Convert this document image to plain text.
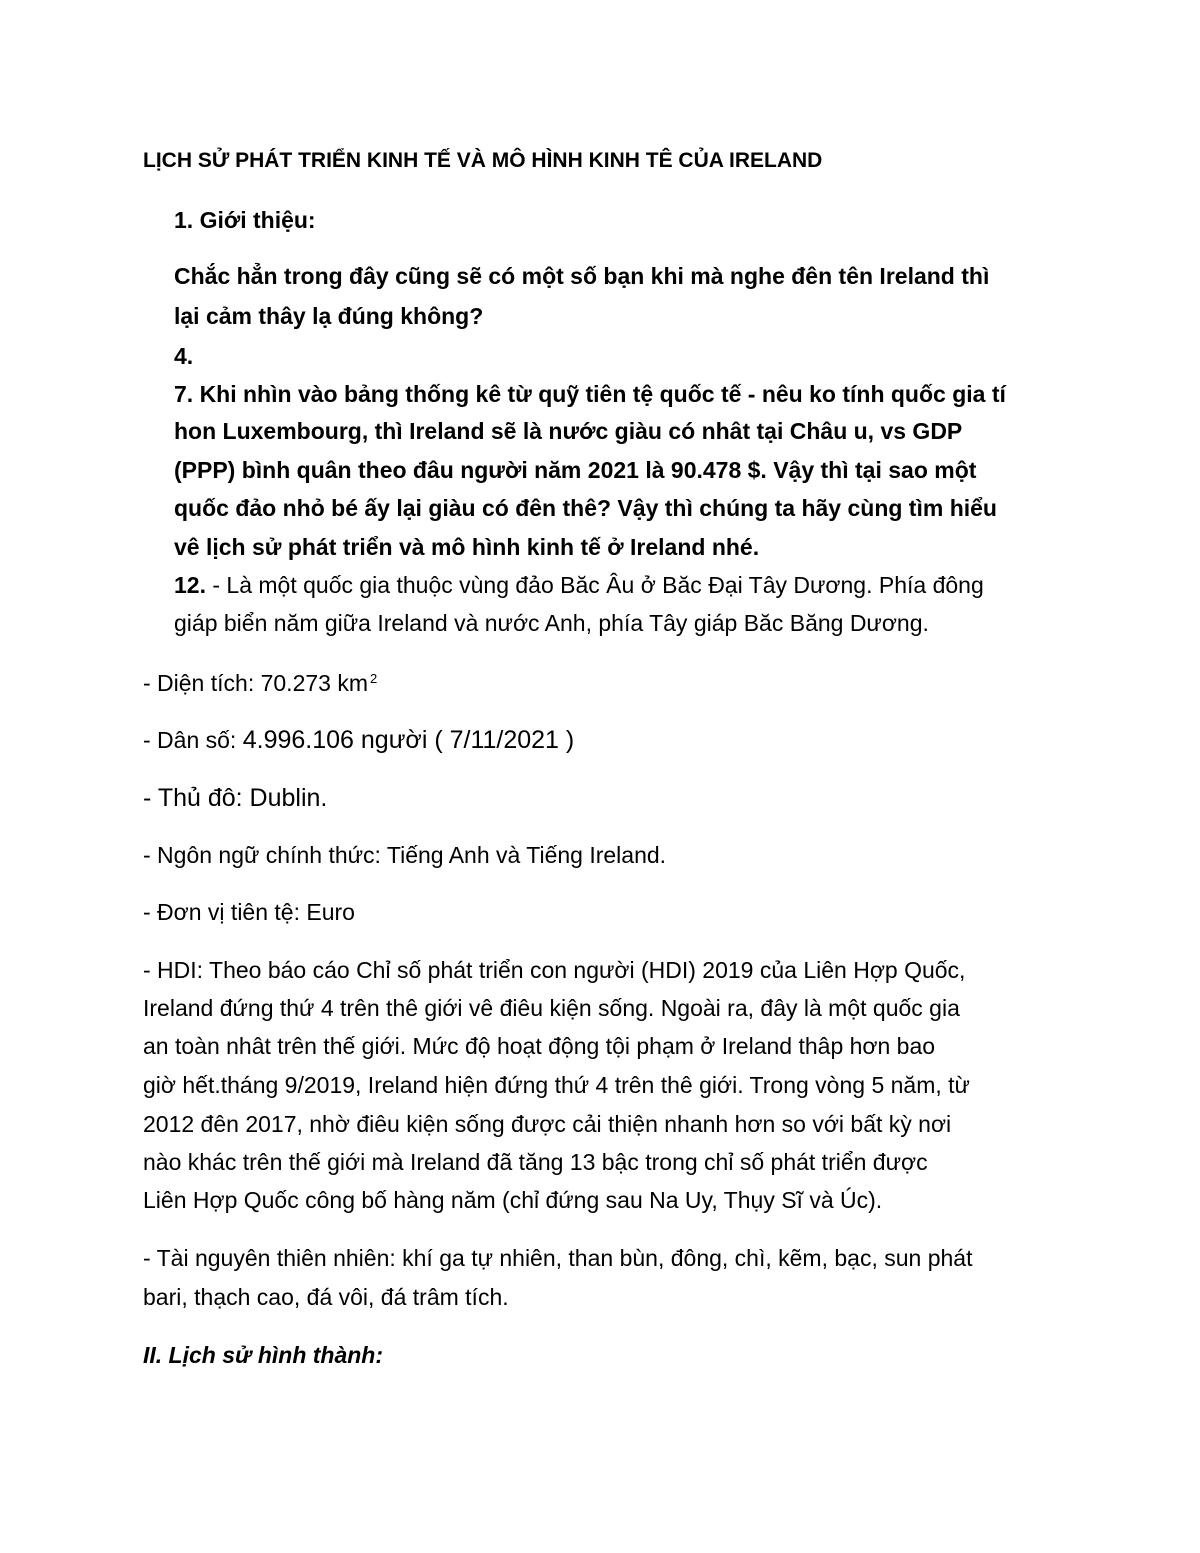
LỊCH SỬ PHÁT TRIỂN KINH TẾ VÀ MÔ HÌNH KINH TÊ CỦA IRELAND
1. Giới thiệu:
Chắc hẳn trong đây cũng sẽ có một số bạn khi mà nghe đên tên Ireland thì
lại cảm thây lạ đúng không?
4.
7. Khi nhìn vào bảng thống kê từ quỹ tiên tệ quốc tế - nêu ko tính quốc gia tí
hon Luxembourg, thì Ireland sẽ là nước giàu có nhât tại Châu u, vs GDP
(PPP) bình quân theo đâu người năm 2021 là 90.478 $. Vậy thì tại sao một
quốc đảo nhỏ bé ấy lại giàu có đên thê? Vậy thì chúng ta hãy cùng tìm hiểu
vê lịch sử phát triển và mô hình kinh tế ở Ireland nhé.
12. - Là một quốc gia thuộc vùng đảo Băc Âu ở Băc Đại Tây Dương. Phía đông
giáp biển năm giữa Ireland và nước Anh, phía Tây giáp Băc Băng Dương.
- Diện tích: 70.273 km $^2$
- Dân số: 4.996.106 người ( 7/11/2021 )
- Thủ đô: Dublin.
- Ngôn ngữ chính thức: Tiếng Anh và Tiếng Ireland.
- Đơn vị tiên tệ: Euro
- HDI: Theo báo cáo Chỉ số phát triển con người (HDI) 2019 của Liên Hợp Quốc,
Ireland đứng thứ 4 trên thê giới vê điêu kiện sống. Ngoài ra, đây là một quốc gia
an toàn nhât trên thế giới. Mức độ hoạt động tội phạm ở Ireland thâp hơn bao
giờ hết.tháng 9/2019, Ireland hiện đứng thứ 4 trên thê giới. Trong vòng 5 năm, từ
2012 đên 2017, nhờ điêu kiện sống được cải thiện nhanh hơn so với bất kỳ nơi
nào khác trên thế giới mà Ireland đã tăng 13 bậc trong chỉ số phát triển được
Liên Hợp Quốc công bố hàng năm (chỉ đứng sau Na Uy, Thụy Sĩ và Úc).
- Tài nguyên thiên nhiên: khí ga tự nhiên, than bùn, đông, chì, kẽm, bạc, sun phát
bari, thạch cao, đá vôi, đá trâm tích.
II. Lịch sử hình thành:
